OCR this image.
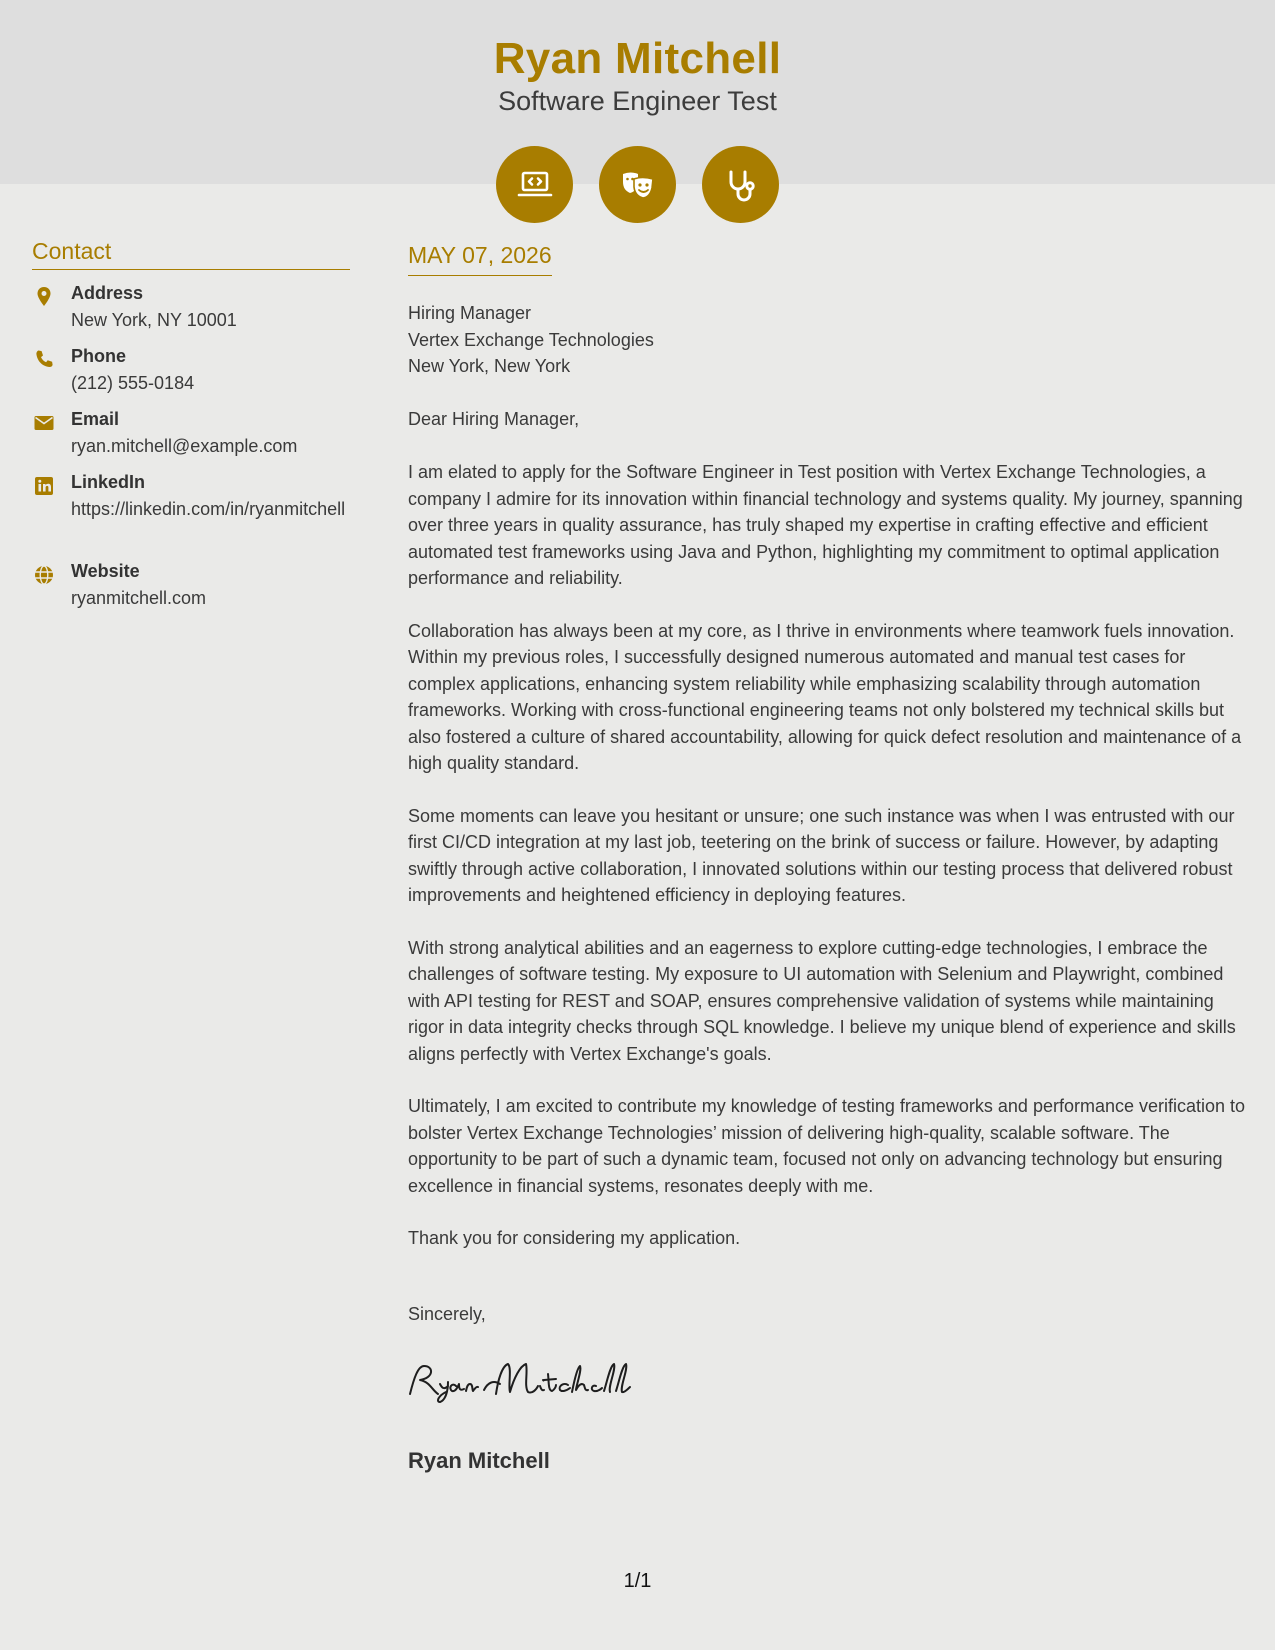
Ryan Mitchell
Software Engineer Test
Contact
Address
New York, NY 10001
Phone
(212) 555-0184
Email
ryan.mitchell@example.com
LinkedIn
https://linkedin.com/in/ryanmitchell
Website
ryanmitchell.com
MAY 07, 2026
Hiring Manager
Vertex Exchange Technologies
New York, New York
Dear Hiring Manager,

I am elated to apply for the Software Engineer in Test position with Vertex Exchange Technologies, a company I admire for its innovation within financial technology and systems quality. My journey, spanning over three years in quality assurance, has truly shaped my expertise in crafting effective and efficient automated test frameworks using Java and Python, highlighting my commitment to optimal application performance and reliability.

Collaboration has always been at my core, as I thrive in environments where teamwork fuels innovation. Within my previous roles, I successfully designed numerous automated and manual test cases for complex applications, enhancing system reliability while emphasizing scalability through automation frameworks. Working with cross-functional engineering teams not only bolstered my technical skills but also fostered a culture of shared accountability, allowing for quick defect resolution and maintenance of a high quality standard.

Some moments can leave you hesitant or unsure; one such instance was when I was entrusted with our first CI/CD integration at my last job, teetering on the brink of success or failure. However, by adapting swiftly through active collaboration, I innovated solutions within our testing process that delivered robust improvements and heightened efficiency in deploying features.

With strong analytical abilities and an eagerness to explore cutting-edge technologies, I embrace the challenges of software testing. My exposure to UI automation with Selenium and Playwright, combined with API testing for REST and SOAP, ensures comprehensive validation of systems while maintaining rigor in data integrity checks through SQL knowledge. I believe my unique blend of experience and skills aligns perfectly with Vertex Exchange's goals.

Ultimately, I am excited to contribute my knowledge of testing frameworks and performance verification to bolster Vertex Exchange Technologies’ mission of delivering high-quality, scalable software. The opportunity to be part of such a dynamic team, focused not only on advancing technology but ensuring excellence in financial systems, resonates deeply with me.

Thank you for considering my application.

Sincerely,
Ryan Mitchell
1/1
